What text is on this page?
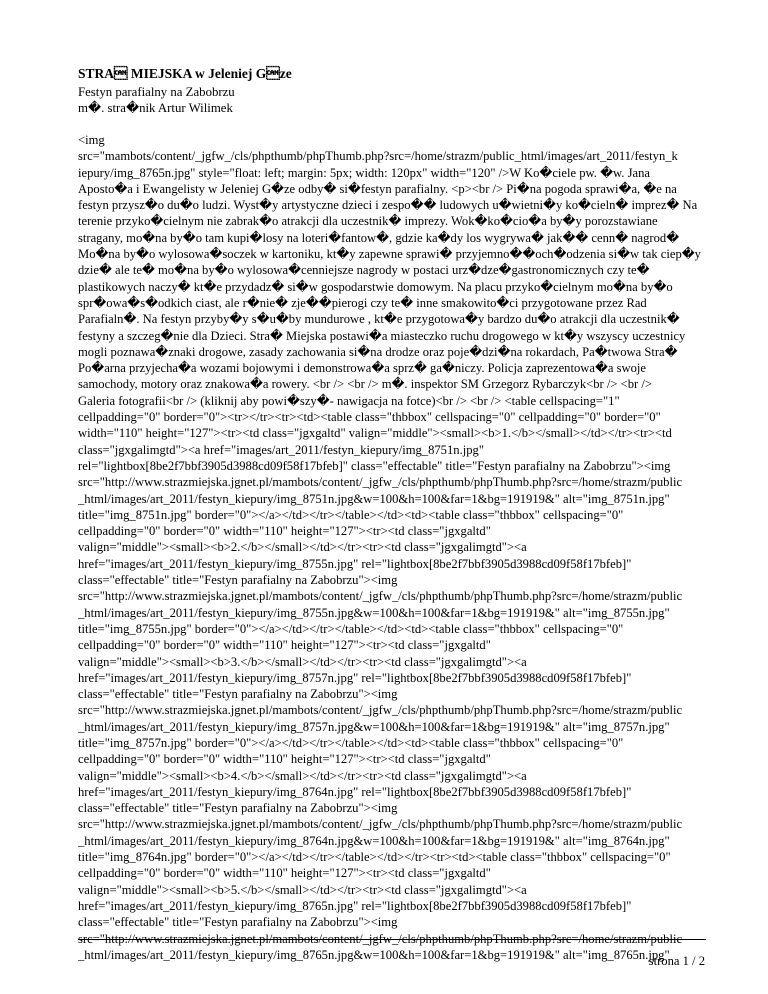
STRA MIEJSKA w Jeleniej Gze
Festyn parafialny na Zabobrzu
m�. stra�nik Artur Wilimek
<img
src="mambots/content/_jgfw_/cls/phpthumb/phpThumb.php?src=/home/strazm/public_html/images/art_2011/festyn_k
iepury/img_8765n.jpg" style="float: left; margin: 5px; width: 120px" width="120" />W Ko�ciele pw. �w. Jana
Aposto�a i Ewangelisty w Jeleniej G�ze odby� si�festyn parafialny. <p><br /> Pi�na pogoda sprawi�a, �e na
festyn przysz�o du�o ludzi. Wyst�y artystyczne dzieci i zespo�� ludowych u�wietni�y ko�cieln� imprez� Na
terenie przyko�cielnym nie zabrak�o atrakcji dla uczestnik� imprezy. Wok�ko�cio�a by�y porozstawiane
stragany, mo�na by�o tam kupi�losy na loteri�fantow�, gdzie ka�dy los wygrywa� jak�� cenn� nagrod�
Mo�na by�o wylosowa�soczek w kartoniku, kt�y zapewne sprawi� przyjemno��och�odzenia si�w tak ciep�y
dzie� ale te� mo�na by�o wylosowa�cenniejsze nagrody w postaci urz�dze�gastronomicznych czy te�
plastikowych naczy� kt�e przydadz� si�w gospodarstwie domowym. Na placu przyko�cielnym mo�na by�o
spr�owa�s�odkich ciast, ale r�nie� zje��pierogi czy te� inne smakowito�ci przygotowane przez Rad
Parafialn�. Na festyn przyby�y s�u�by mundurowe , kt�e przygotowa�y bardzo du�o atrakcji dla uczestnik�
festyny a szczeg�nie dla Dzieci. Stra� Miejska postawi�a miasteczko ruchu drogowego w kt�y wszyscy uczestnicy
mogli poznawa�znaki drogowe, zasady zachowania si�na drodze oraz poje�dzi�na rokardach, Pa�twowa Stra�
Po�arna przyjecha�a wozami bojowymi i demonstrowa�a sprz� ga�niczy. Policja zaprezentowa�a swoje
samochody, motory oraz znakowa�a rowery. <br /> <br /> m�. inspektor SM Grzegorz Rybarczyk<br /> <br />
Galeria fotografii<br /> (kliknij aby powi�szy�- nawigacja na fotce)<br /> <br /> <table cellspacing="1"
cellpadding="0" border="0"><tr></tr><tr><td><table class="thbbox" cellspacing="0" cellpadding="0" border="0"
width="110" height="127"><tr><td class="jgxgaltd" valign="middle"><small><b>1.</b></small></td></tr><tr><td
class="jgxgalimgtd"><a href="images/art_2011/festyn_kiepury/img_8751n.jpg"
rel="lightbox[8be2f7bbf3905d3988cd09f58f17bfeb]" class="effectable" title="Festyn parafialny na Zabobrzu"><img
src="http://www.strazmiejska.jgnet.pl/mambots/content/_jgfw_/cls/phpthumb/phpThumb.php?src=/home/strazm/public
_html/images/art_2011/festyn_kiepury/img_8751n.jpg&w=100&h=100&far=1&bg=191919&" alt="img_8751n.jpg"
title="img_8751n.jpg" border="0"></a></td></tr></table></td><td><table class="thbbox" cellspacing="0"
cellpadding="0" border="0" width="110" height="127"><tr><td class="jgxgaltd"
valign="middle"><small><b>2.</b></small></td></tr><tr><td class="jgxgalimgtd"><a
href="images/art_2011/festyn_kiepury/img_8755n.jpg" rel="lightbox[8be2f7bbf3905d3988cd09f58f17bfeb]"
class="effectable" title="Festyn parafialny na Zabobrzu"><img
src="http://www.strazmiejska.jgnet.pl/mambots/content/_jgfw_/cls/phpthumb/phpThumb.php?src=/home/strazm/public
_html/images/art_2011/festyn_kiepury/img_8755n.jpg&w=100&h=100&far=1&bg=191919&" alt="img_8755n.jpg"
title="img_8755n.jpg" border="0"></a></td></tr></table></td><td><table class="thbbox" cellspacing="0"
cellpadding="0" border="0" width="110" height="127"><tr><td class="jgxgaltd"
valign="middle"><small><b>3.</b></small></td></tr><tr><td class="jgxgalimgtd"><a
href="images/art_2011/festyn_kiepury/img_8757n.jpg" rel="lightbox[8be2f7bbf3905d3988cd09f58f17bfeb]"
class="effectable" title="Festyn parafialny na Zabobrzu"><img
src="http://www.strazmiejska.jgnet.pl/mambots/content/_jgfw_/cls/phpthumb/phpThumb.php?src=/home/strazm/public
_html/images/art_2011/festyn_kiepury/img_8757n.jpg&w=100&h=100&far=1&bg=191919&" alt="img_8757n.jpg"
title="img_8757n.jpg" border="0"></a></td></tr></table></td><td><table class="thbbox" cellspacing="0"
cellpadding="0" border="0" width="110" height="127"><tr><td class="jgxgaltd"
valign="middle"><small><b>4.</b></small></td></tr><tr><td class="jgxgalimgtd"><a
href="images/art_2011/festyn_kiepury/img_8764n.jpg" rel="lightbox[8be2f7bbf3905d3988cd09f58f17bfeb]"
class="effectable" title="Festyn parafialny na Zabobrzu"><img
src="http://www.strazmiejska.jgnet.pl/mambots/content/_jgfw_/cls/phpthumb/phpThumb.php?src=/home/strazm/public
_html/images/art_2011/festyn_kiepury/img_8764n.jpg&w=100&h=100&far=1&bg=191919&" alt="img_8764n.jpg"
title="img_8764n.jpg" border="0"></a></td></tr></table></td></tr><tr><td><table class="thbbox" cellspacing="0"
cellpadding="0" border="0" width="110" height="127"><tr><td class="jgxgaltd"
valign="middle"><small><b>5.</b></small></td></tr><tr><td class="jgxgalimgtd"><a
href="images/art_2011/festyn_kiepury/img_8765n.jpg" rel="lightbox[8be2f7bbf3905d3988cd09f58f17bfeb]"
class="effectable" title="Festyn parafialny na Zabobrzu"><img
src="http://www.strazmiejska.jgnet.pl/mambots/content/_jgfw_/cls/phpthumb/phpThumb.php?src=/home/strazm/public
_html/images/art_2011/festyn_kiepury/img_8765n.jpg&w=100&h=100&far=1&bg=191919&" alt="img_8765n.jpg"
strona 1 / 2
